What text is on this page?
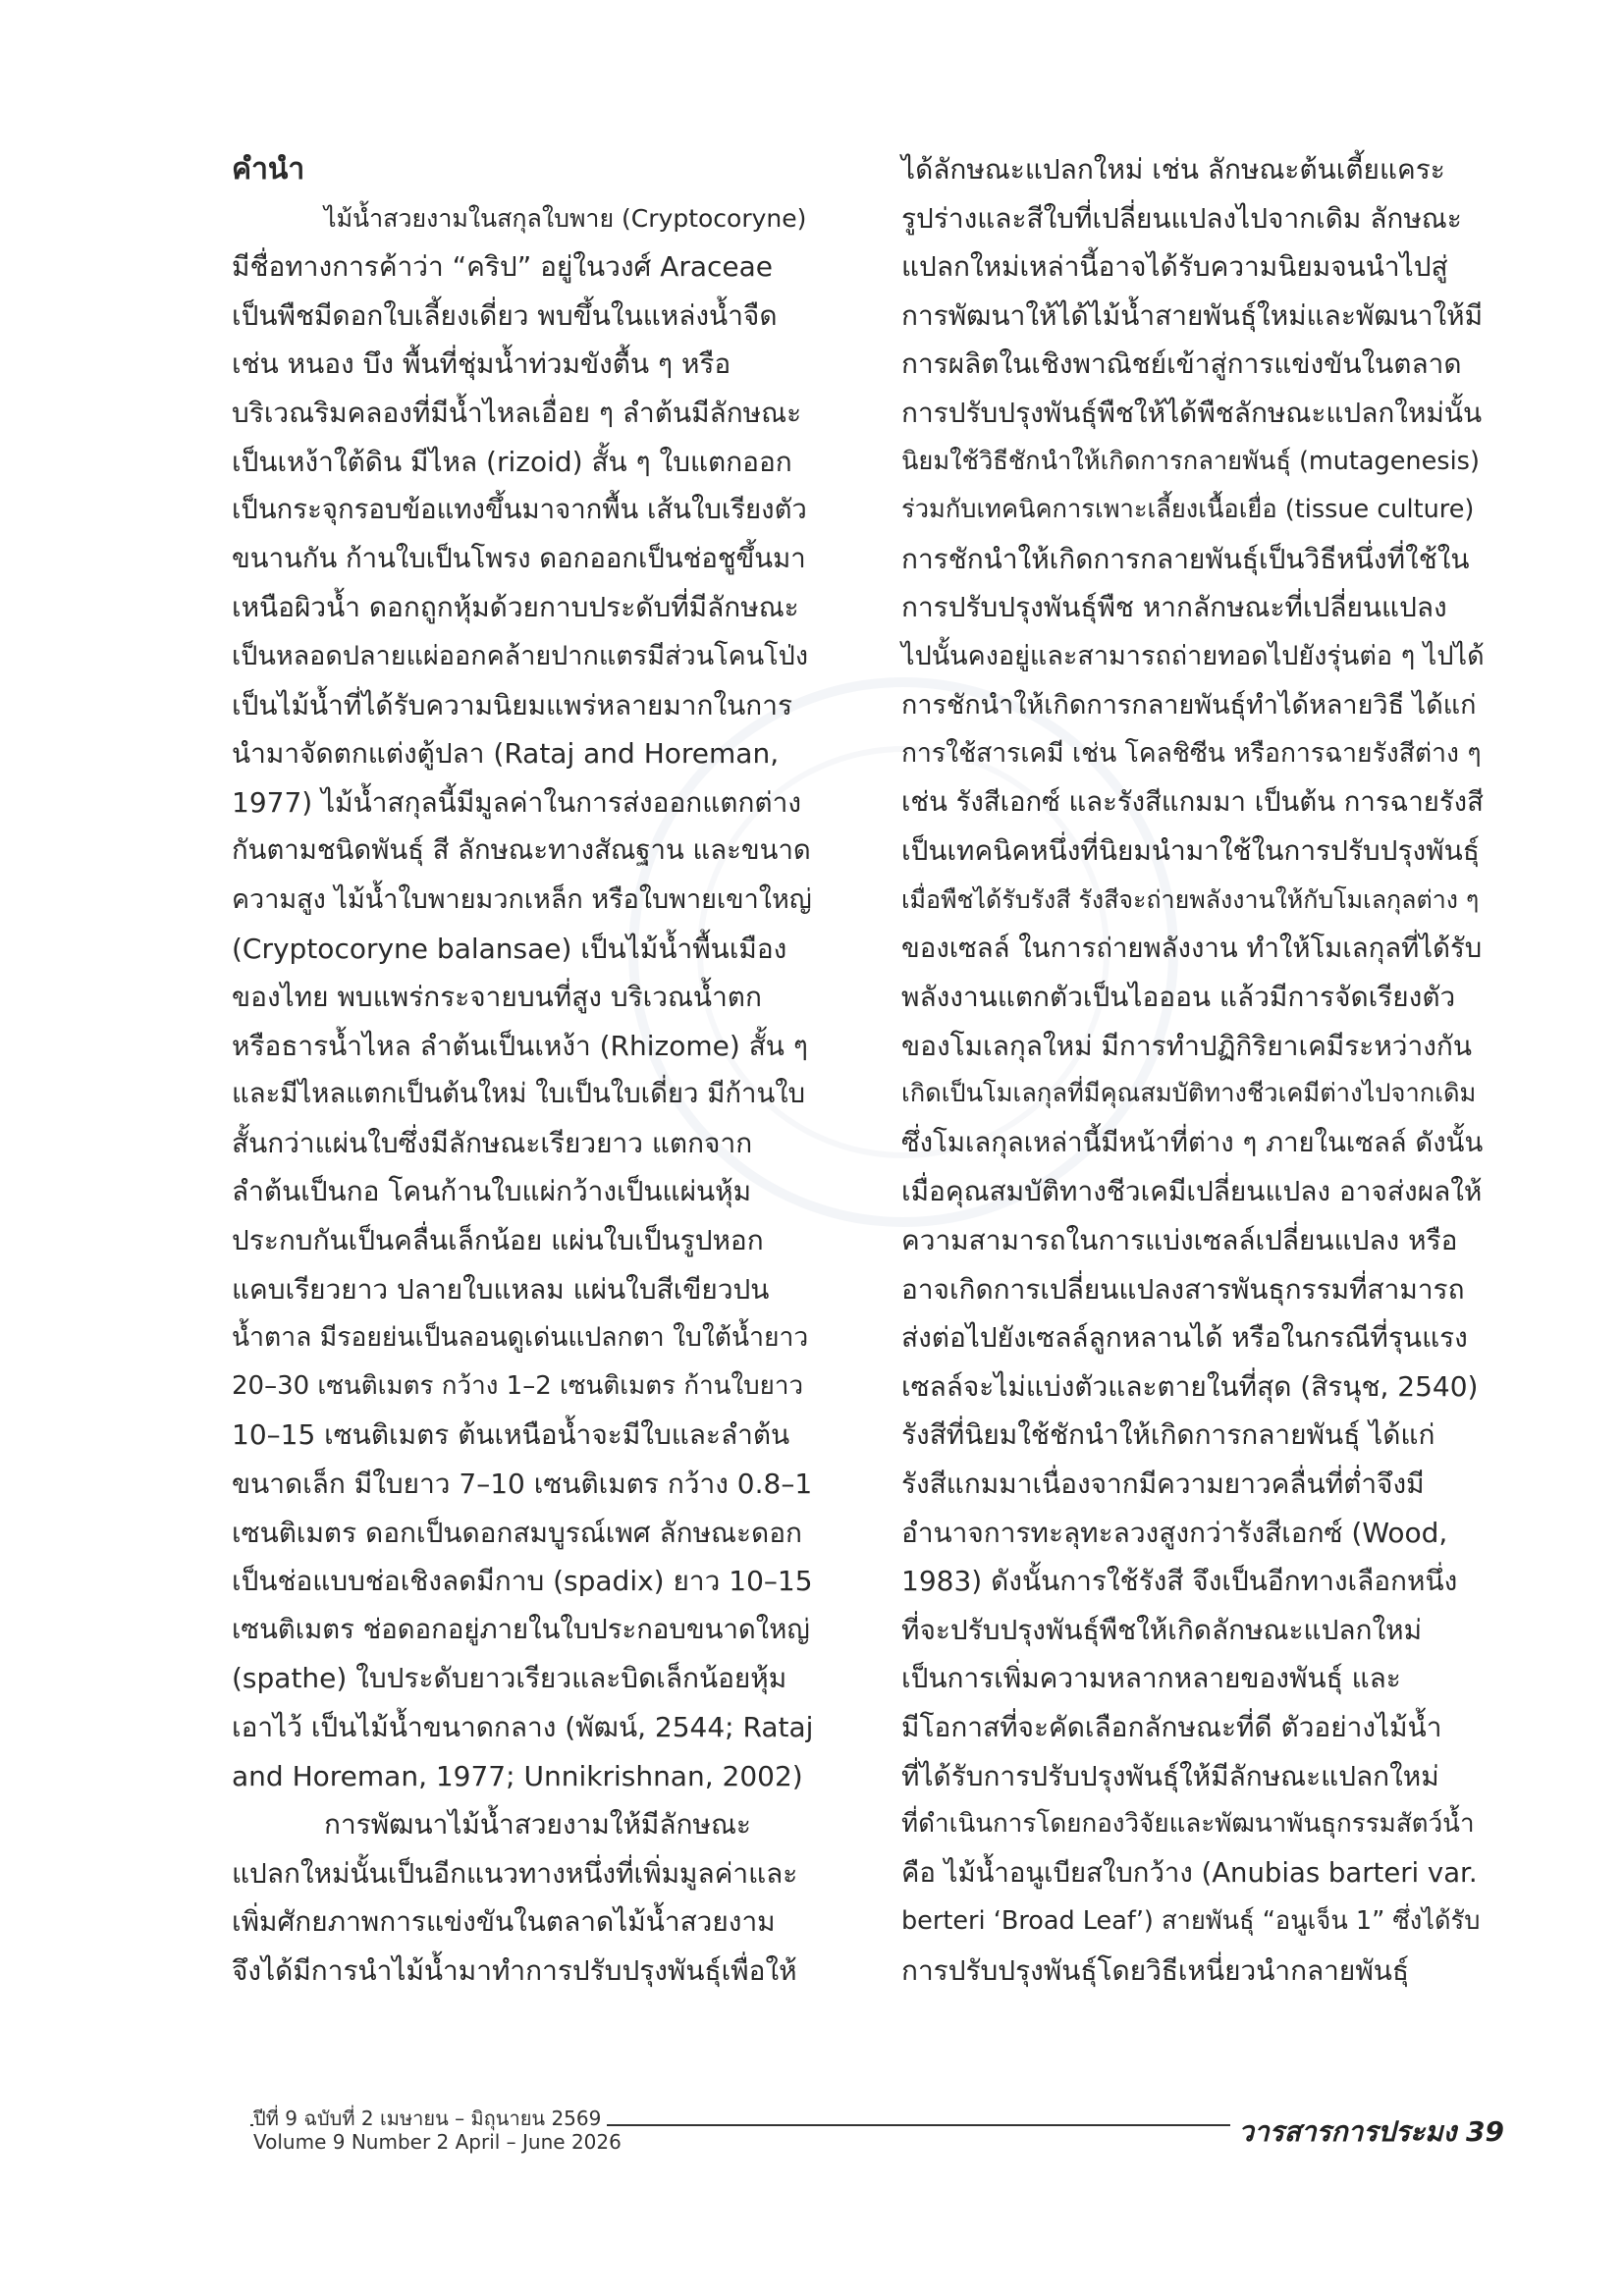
คำนำ
ไม้น้ำสวยงามในสกุลใบพาย (Cryptocoryne)
มีชื่อทางการค้าว่า “คริป” อยู่ในวงศ์ Araceae
เป็นพืชมีดอกใบเลี้ยงเดี่ยว พบขึ้นในแหล่งน้ำจืด
เช่น หนอง บึง พื้นที่ชุ่มน้ำท่วมขังตื้น ๆ หรือ
บริเวณริมคลองที่มีน้ำไหลเอื่อย ๆ ลำต้นมีลักษณะ
เป็นเหง้าใต้ดิน มีไหล (rizoid) สั้น ๆ ใบแตกออก
เป็นกระจุกรอบข้อแทงขึ้นมาจากพื้น เส้นใบเรียงตัว
ขนานกัน ก้านใบเป็นโพรง ดอกออกเป็นช่อชูขึ้นมา
เหนือผิวน้ำ ดอกถูกหุ้มด้วยกาบประดับที่มีลักษณะ
เป็นหลอดปลายแผ่ออกคล้ายปากแตรมีส่วนโคนโป่ง
เป็นไม้น้ำที่ได้รับความนิยมแพร่หลายมากในการ
นำมาจัดตกแต่งตู้ปลา (Rataj and Horeman,
1977) ไม้น้ำสกุลนี้มีมูลค่าในการส่งออกแตกต่าง
กันตามชนิดพันธุ์ สี ลักษณะทางสัณฐาน และขนาด
ความสูง ไม้น้ำใบพายมวกเหล็ก หรือใบพายเขาใหญ่
(Cryptocoryne balansae) เป็นไม้น้ำพื้นเมือง
ของไทย พบแพร่กระจายบนที่สูง บริเวณน้ำตก
หรือธารน้ำไหล ลำต้นเป็นเหง้า (Rhizome) สั้น ๆ
และมีไหลแตกเป็นต้นใหม่ ใบเป็นใบเดี่ยว มีก้านใบ
สั้นกว่าแผ่นใบซึ่งมีลักษณะเรียวยาว แตกจาก
ลำต้นเป็นกอ โคนก้านใบแผ่กว้างเป็นแผ่นหุ้ม
ประกบกันเป็นคลื่นเล็กน้อย แผ่นใบเป็นรูปหอก
แคบเรียวยาว ปลายใบแหลม แผ่นใบสีเขียวปน
น้ำตาล มีรอยย่นเป็นลอนดูเด่นแปลกตา ใบใต้น้ำยาว
20–30 เซนติเมตร กว้าง 1–2 เซนติเมตร ก้านใบยาว
10–15 เซนติเมตร ต้นเหนือน้ำจะมีใบและลำต้น
ขนาดเล็ก มีใบยาว 7–10 เซนติเมตร กว้าง 0.8–1
เซนติเมตร ดอกเป็นดอกสมบูรณ์เพศ ลักษณะดอก
เป็นช่อแบบช่อเชิงลดมีกาบ (spadix) ยาว 10–15
เซนติเมตร ช่อดอกอยู่ภายในใบประกอบขนาดใหญ่
(spathe) ใบประดับยาวเรียวและบิดเล็กน้อยหุ้ม
เอาไว้ เป็นไม้น้ำขนาดกลาง (พัฒน์, 2544; Rataj
and Horeman, 1977; Unnikrishnan, 2002)
การพัฒนาไม้น้ำสวยงามให้มีลักษณะ
แปลกใหม่นั้นเป็นอีกแนวทางหนึ่งที่เพิ่มมูลค่าและ
เพิ่มศักยภาพการแข่งขันในตลาดไม้น้ำสวยงาม
จึงได้มีการนำไม้น้ำมาทำการปรับปรุงพันธุ์เพื่อให้
ได้ลักษณะแปลกใหม่ เช่น ลักษณะต้นเตี้ยแคระ
รูปร่างและสีใบที่เปลี่ยนแปลงไปจากเดิม ลักษณะ
แปลกใหม่เหล่านี้อาจได้รับความนิยมจนนำไปสู่
การพัฒนาให้ได้ไม้น้ำสายพันธุ์ใหม่และพัฒนาให้มี
การผลิตในเชิงพาณิชย์เข้าสู่การแข่งขันในตลาด
การปรับปรุงพันธุ์พืชให้ได้พืชลักษณะแปลกใหม่นั้น
นิยมใช้วิธีชักนำให้เกิดการกลายพันธุ์ (mutagenesis)
ร่วมกับเทคนิคการเพาะเลี้ยงเนื้อเยื่อ (tissue culture)
การชักนำให้เกิดการกลายพันธุ์เป็นวิธีหนึ่งที่ใช้ใน
การปรับปรุงพันธุ์พืช หากลักษณะที่เปลี่ยนแปลง
ไปนั้นคงอยู่และสามารถถ่ายทอดไปยังรุ่นต่อ ๆ ไปได้
การชักนำให้เกิดการกลายพันธุ์ทำได้หลายวิธี ได้แก่
การใช้สารเคมี เช่น โคลชิซีน หรือการฉายรังสีต่าง ๆ
เช่น รังสีเอกซ์ และรังสีแกมมา เป็นต้น การฉายรังสี
เป็นเทคนิคหนึ่งที่นิยมนำมาใช้ในการปรับปรุงพันธุ์
เมื่อพืชได้รับรังสี รังสีจะถ่ายพลังงานให้กับโมเลกุลต่าง ๆ
ของเซลล์ ในการถ่ายพลังงาน ทำให้โมเลกุลที่ได้รับ
พลังงานแตกตัวเป็นไอออน แล้วมีการจัดเรียงตัว
ของโมเลกุลใหม่ มีการทำปฏิกิริยาเคมีระหว่างกัน
เกิดเป็นโมเลกุลที่มีคุณสมบัติทางชีวเคมีต่างไปจากเดิม
ซึ่งโมเลกุลเหล่านี้มีหน้าที่ต่าง ๆ ภายในเซลล์ ดังนั้น
เมื่อคุณสมบัติทางชีวเคมีเปลี่ยนแปลง อาจส่งผลให้
ความสามารถในการแบ่งเซลล์เปลี่ยนแปลง หรือ
อาจเกิดการเปลี่ยนแปลงสารพันธุกรรมที่สามารถ
ส่งต่อไปยังเซลล์ลูกหลานได้ หรือในกรณีที่รุนแรง
เซลล์จะไม่แบ่งตัวและตายในที่สุด (สิรนุช, 2540)
รังสีที่นิยมใช้ชักนำให้เกิดการกลายพันธุ์ ได้แก่
รังสีแกมมาเนื่องจากมีความยาวคลื่นที่ต่ำจึงมี
อำนาจการทะลุทะลวงสูงกว่ารังสีเอกซ์ (Wood,
1983) ดังนั้นการใช้รังสี จึงเป็นอีกทางเลือกหนึ่ง
ที่จะปรับปรุงพันธุ์พืชให้เกิดลักษณะแปลกใหม่
เป็นการเพิ่มความหลากหลายของพันธุ์ และ
มีโอกาสที่จะคัดเลือกลักษณะที่ดี ตัวอย่างไม้น้ำ
ที่ได้รับการปรับปรุงพันธุ์ให้มีลักษณะแปลกใหม่
ที่ดำเนินการโดยกองวิจัยและพัฒนาพันธุกรรมสัตว์น้ำ
คือ ไม้น้ำอนูเบียสใบกว้าง (Anubias barteri var.
berteri ‘Broad Leaf’) สายพันธุ์ “อนูเจ็น 1” ซึ่งได้รับ
การปรับปรุงพันธุ์โดยวิธีเหนี่ยวนำกลายพันธุ์
ปีที่ 9 ฉบับที่ 2 เมษายน – มิถุนายน 2569
Volume 9 Number 2 April – June 2026	วารสารการประมง 39
